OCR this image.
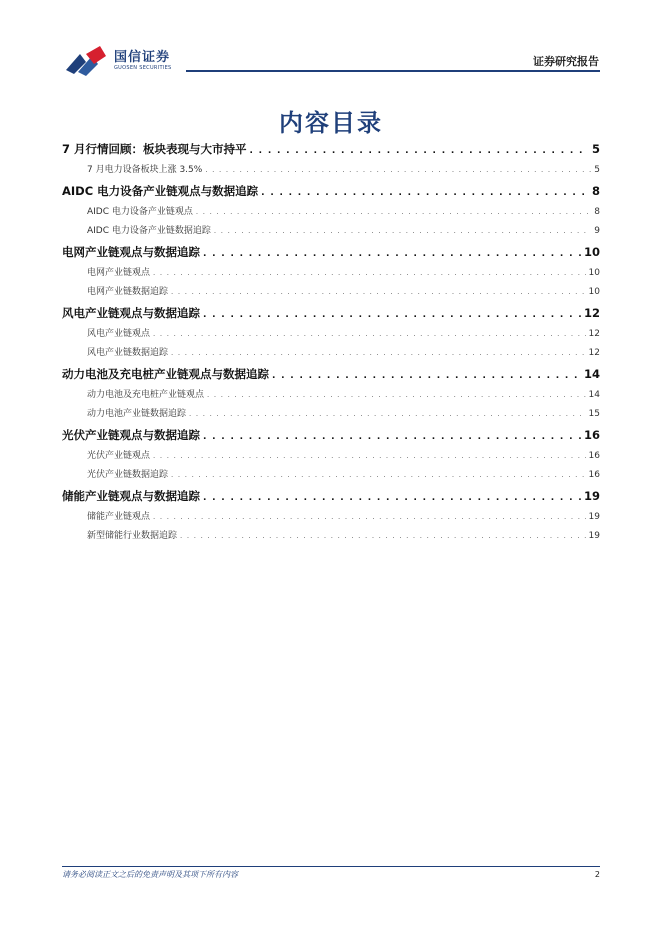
国信证券
GUOSEN SECURITIES	证券研究报告
内容目录
7 月行情回顾：板块表现与大市持平 . . .	5
7 月电力设备板块上涨 3.5% . . .	5
AIDC 电力设备产业链观点与数据追踪 . . .	8
AIDC 电力设备产业链观点 . . .	8
AIDC 电力设备产业链数据追踪 . . .	9
电网产业链观点与数据追踪 . . .	10
电网产业链观点 . . .	10
电网产业链数据追踪 . . .	10
风电产业链观点与数据追踪 . . .	12
风电产业链观点 . . .	12
风电产业链数据追踪 . . .	12
动力电池及充电桩产业链观点与数据追踪 . . .	14
动力电池及充电桩产业链观点 . . .	14
动力电池产业链数据追踪 . . .	15
光伏产业链观点与数据追踪 . . .	16
光伏产业链观点 . . .	16
光伏产业链数据追踪 . . .	16
储能产业链观点与数据追踪 . . .	19
储能产业链观点 . . .	19
新型储能行业数据追踪 . . .	19
请务必阅读正文之后的免责声明及其项下所有内容	2
